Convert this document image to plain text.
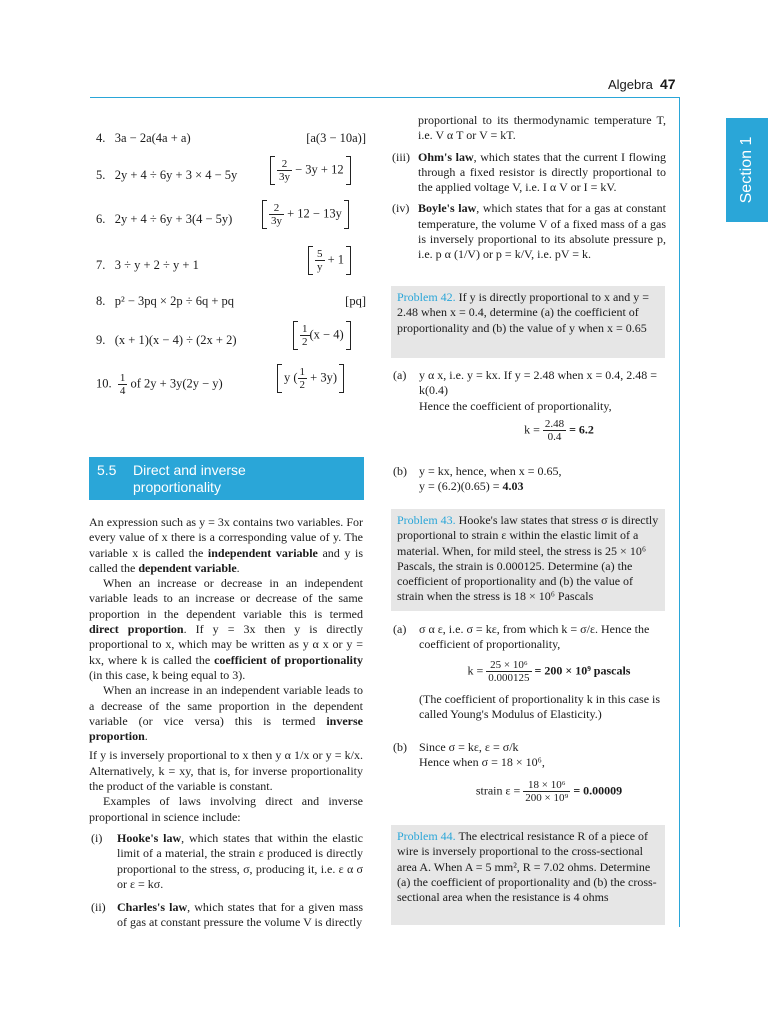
Algebra 47
Section 1
4. 3a − 2a(4a + a)	[a(3 − 10a)]
5. 2y + 4 ÷ 6y + 3 × 4 − 5y	$\frac{2}{3y} - 3y + 12$
6. 2y + 4 ÷ 6y + 3(4 − 5y)	$\frac{2}{3y} + 12 - 13y$
7. 3 ÷ y + 2 ÷ y + 1	$\frac{5}{y} + 1$
8. p² − 3pq × 2p ÷ 6q + pq	[pq]
9. (x + 1)(x − 4) ÷ (2x + 2)	$\frac{1}{2} (x - 4)$
10. $\frac{1}{4}$ of 2y + 3y(2y − y)	y ( $\frac{1}{2} + 3y$)
5.5 Direct and inverse
proportionality

An expression such as y = 3x contains two variables. For every value of x there is a corresponding value of y. The variable x is called the independent variable and y is called the dependent variable.

When an increase or decrease in an independent variable leads to an increase or decrease of the same proportion in the dependent variable this is termed direct proportion. If y = 3x then y is directly proportional to x, which may be written as y α x or y = kx, where k is called the coefficient of proportionality (in this case, k being equal to 3).

When an increase in an independent variable leads to a decrease of the same proportion in the dependent variable (or vice versa) this is termed inverse proportion.

If y is inversely proportional to x then y α 1/x or y = k/x. Alternatively, k = xy, that is, for inverse proportionality the product of the variable is constant.

Examples of laws involving direct and inverse proportional in science include:

(i) Hooke's law, which states that within the elastic limit of a material, the strain ε produced is directly proportional to the stress, σ, producing it, i.e. ε α σ or ε = kσ.
(ii) Charles's law, which states that for a given mass of gas at constant pressure the volume V is directly
proportional to its thermodynamic temperature T, i.e. V α T or V = kT.
(iii) Ohm's law, which states that the current I flowing through a fixed resistor is directly proportional to the applied voltage V, i.e. I α V or I = kV.
(iv) Boyle's law, which states that for a gas at constant temperature, the volume V of a fixed mass of a gas is inversely proportional to its absolute pressure p, i.e. p α (1/V) or p = k/V, i.e. pV = k.
Problem 42. If y is directly proportional to x and y = 2.48 when x = 0.4, determine (a) the coefficient of proportionality and (b) the value of y when x = 0.65
(a) y α x, i.e. y = kx. If y = 2.48 when x = 0.4, 2.48 = k(0.4)
Hence the coefficient of proportionality,
$k = \frac{2.48}{0.4} = 6.2$
(b) y = kx, hence, when x = 0.65,
y = (6.2)(0.65) = 4.03
Problem 43. Hooke's law states that stress σ is directly proportional to strain ε within the elastic limit of a material. When, for mild steel, the stress is 25 × 10⁶ Pascals, the strain is 0.000125. Determine (a) the coefficient of proportionality and (b) the value of strain when the stress is 18 × 10⁶ Pascals
(a) σ α ε, i.e. σ = kε, from which k = σ/ε. Hence the coefficient of proportionality,
$k = \frac{\text{25 × 10⁶}}{0.000125} = 200 \times 10^9$ pascals
(The coefficient of proportionality k in this case is called Young's Modulus of Elasticity.)
(b) Since σ = kε, ε = σ/k
Hence when σ = 18 × 10⁶,
strain $\varepsilon = \frac{\text{18 × 10⁶}}{\text{200 × 10⁹}} = 0.00009$
Problem 44. The electrical resistance R of a piece of wire is inversely proportional to the cross-sectional area A. When A = 5 mm², R = 7.02 ohms. Determine (a) the coefficient of proportionality and (b) the cross-sectional area when the resistance is 4 ohms
